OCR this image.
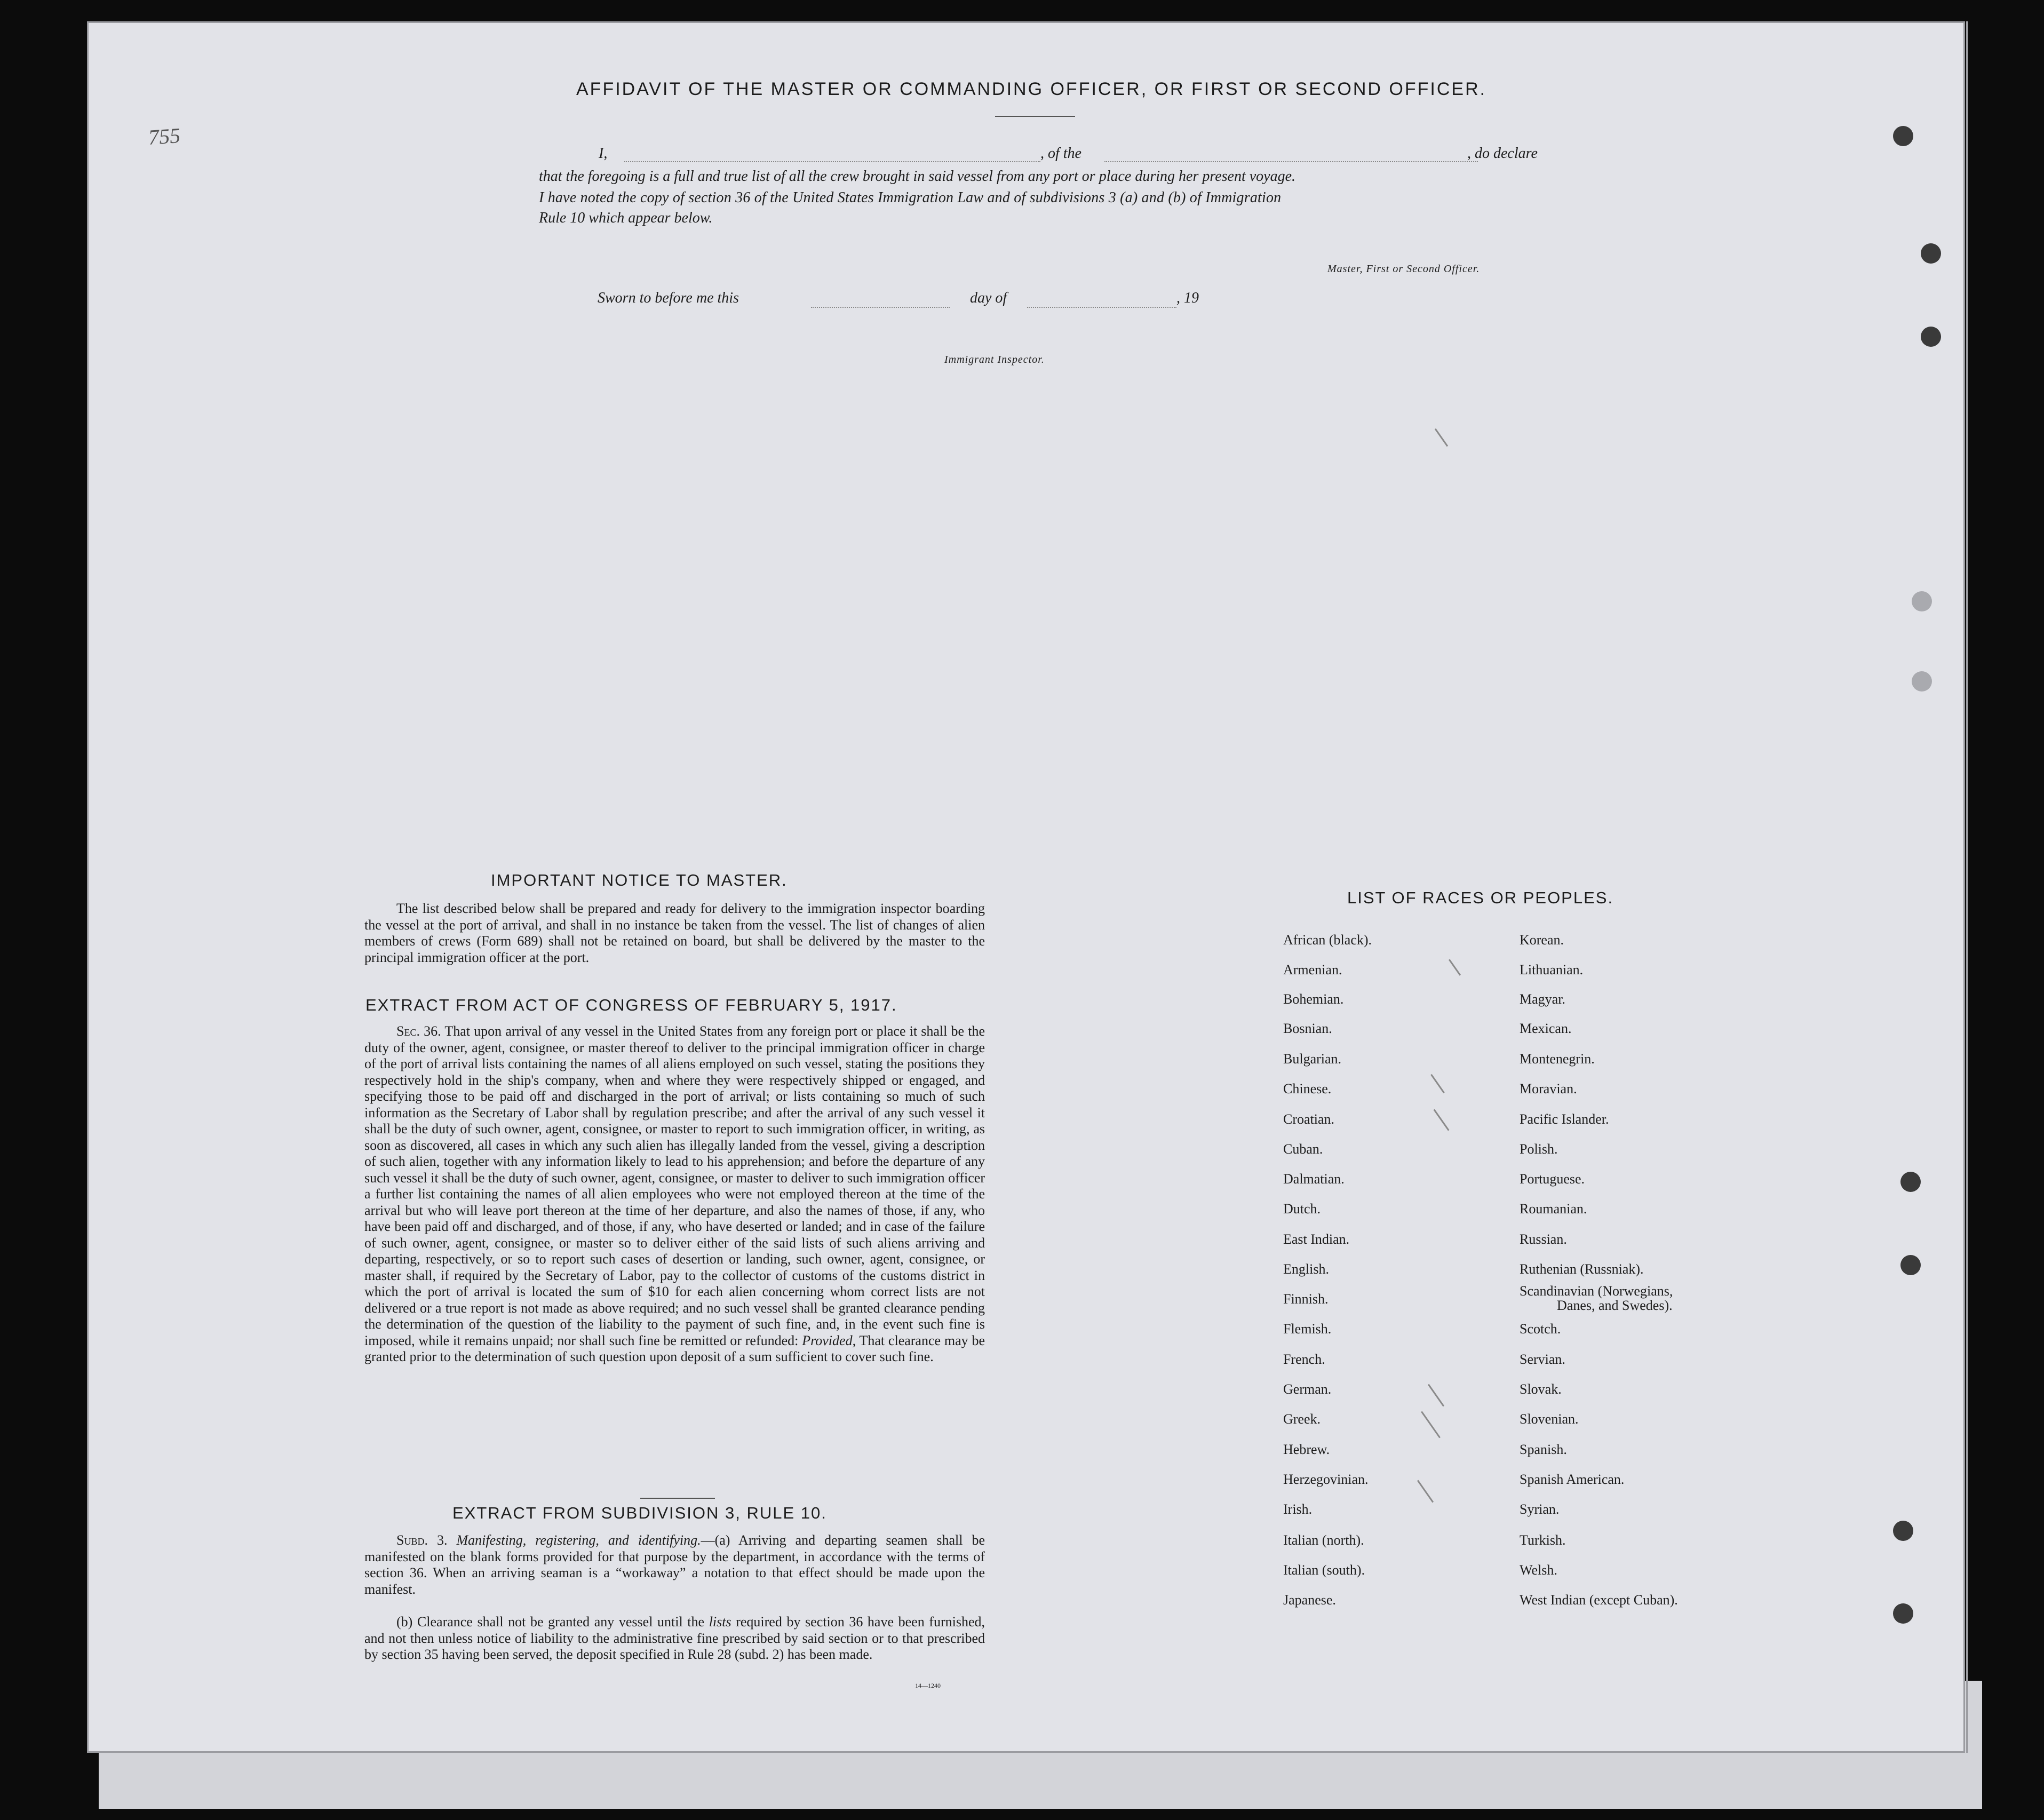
755
AFFIDAVIT OF THE MASTER OR COMMANDING OFFICER, OR FIRST OR SECOND OFFICER.
I,	, of the	, do declare
that the foregoing is a full and true list of all the crew brought in said vessel from any port or place during her present voyage.
I have noted the copy of section 36 of the United States Immigration Law and of subdivisions 3 (a) and (b) of Immigration
Rule 10 which appear below.
Master, First or Second Officer.
Sworn to before me this	day of	, 19
Immigrant Inspector.
IMPORTANT NOTICE TO MASTER.
The list described below shall be prepared and ready for delivery to the immigration inspector boarding the vessel at the port of arrival, and shall in no instance be taken from the vessel. The list of changes of alien members of crews (Form 689) shall not be retained on board, but shall be delivered by the master to the principal immigration officer at the port.
EXTRACT FROM ACT OF CONGRESS OF FEBRUARY 5, 1917.
Sec. 36. That upon arrival of any vessel in the United States from any foreign port or place it shall be the duty of the owner, agent, consignee, or master thereof to deliver to the principal immigration officer in charge of the port of arrival lists containing the names of all aliens employed on such vessel, stating the positions they respectively hold in the ship's company, when and where they were respectively shipped or engaged, and specifying those to be paid off and discharged in the port of arrival; or lists containing so much of such information as the Secretary of Labor shall by regulation prescribe; and after the arrival of any such vessel it shall be the duty of such owner, agent, consignee, or master to report to such immigration officer, in writing, as soon as discovered, all cases in which any such alien has illegally landed from the vessel, giving a description of such alien, together with any information likely to lead to his apprehension; and before the departure of any such vessel it shall be the duty of such owner, agent, consignee, or master to deliver to such immigration officer a further list containing the names of all alien employees who were not employed thereon at the time of the arrival but who will leave port thereon at the time of her departure, and also the names of those, if any, who have been paid off and discharged, and of those, if any, who have deserted or landed; and in case of the failure of such owner, agent, consignee, or master so to deliver either of the said lists of such aliens arriving and departing, respectively, or so to report such cases of desertion or landing, such owner, agent, consignee, or master shall, if required by the Secretary of Labor, pay to the collector of customs of the customs district in which the port of arrival is located the sum of $10 for each alien concerning whom correct lists are not delivered or a true report is not made as above required; and no such vessel shall be granted clearance pending the determination of the question of the liability to the payment of such fine, and, in the event such fine is imposed, while it remains unpaid; nor shall such fine be remitted or refunded: Provided, That clearance may be granted prior to the determination of such question upon deposit of a sum sufficient to cover such fine.
EXTRACT FROM SUBDIVISION 3, RULE 10.
Subd. 3. Manifesting, registering, and identifying.—(a) Arriving and departing seamen shall be manifested on the blank forms provided for that purpose by the department, in accordance with the terms of section 36. When an arriving seaman is a “workaway” a notation to that effect should be made upon the manifest.
(b) Clearance shall not be granted any vessel until the lists required by section 36 have been furnished, and not then unless notice of liability to the administrative fine prescribed by said section or to that prescribed by section 35 having been served, the deposit specified in Rule 28 (subd. 2) has been made.
14—1240
LIST OF RACES OR PEOPLES.
African (black).
Armenian.
Bohemian.
Bosnian.
Bulgarian.
Chinese.
Croatian.
Cuban.
Dalmatian.
Dutch.
East Indian.
English.
Finnish.
Flemish.
French.
German.
Greek.
Hebrew.
Herzegovinian.
Irish.
Italian (north).
Italian (south).
Japanese.
Korean.
Lithuanian.
Magyar.
Mexican.
Montenegrin.
Moravian.
Pacific Islander.
Polish.
Portuguese.
Roumanian.
Russian.
Ruthenian (Russniak).
Scandinavian (Norwegians,
Scotch.
Servian.
Slovak.
Slovenian.
Spanish.
Spanish American.
Syrian.
Turkish.
Welsh.
West Indian (except Cuban).
Danes, and Swedes).
